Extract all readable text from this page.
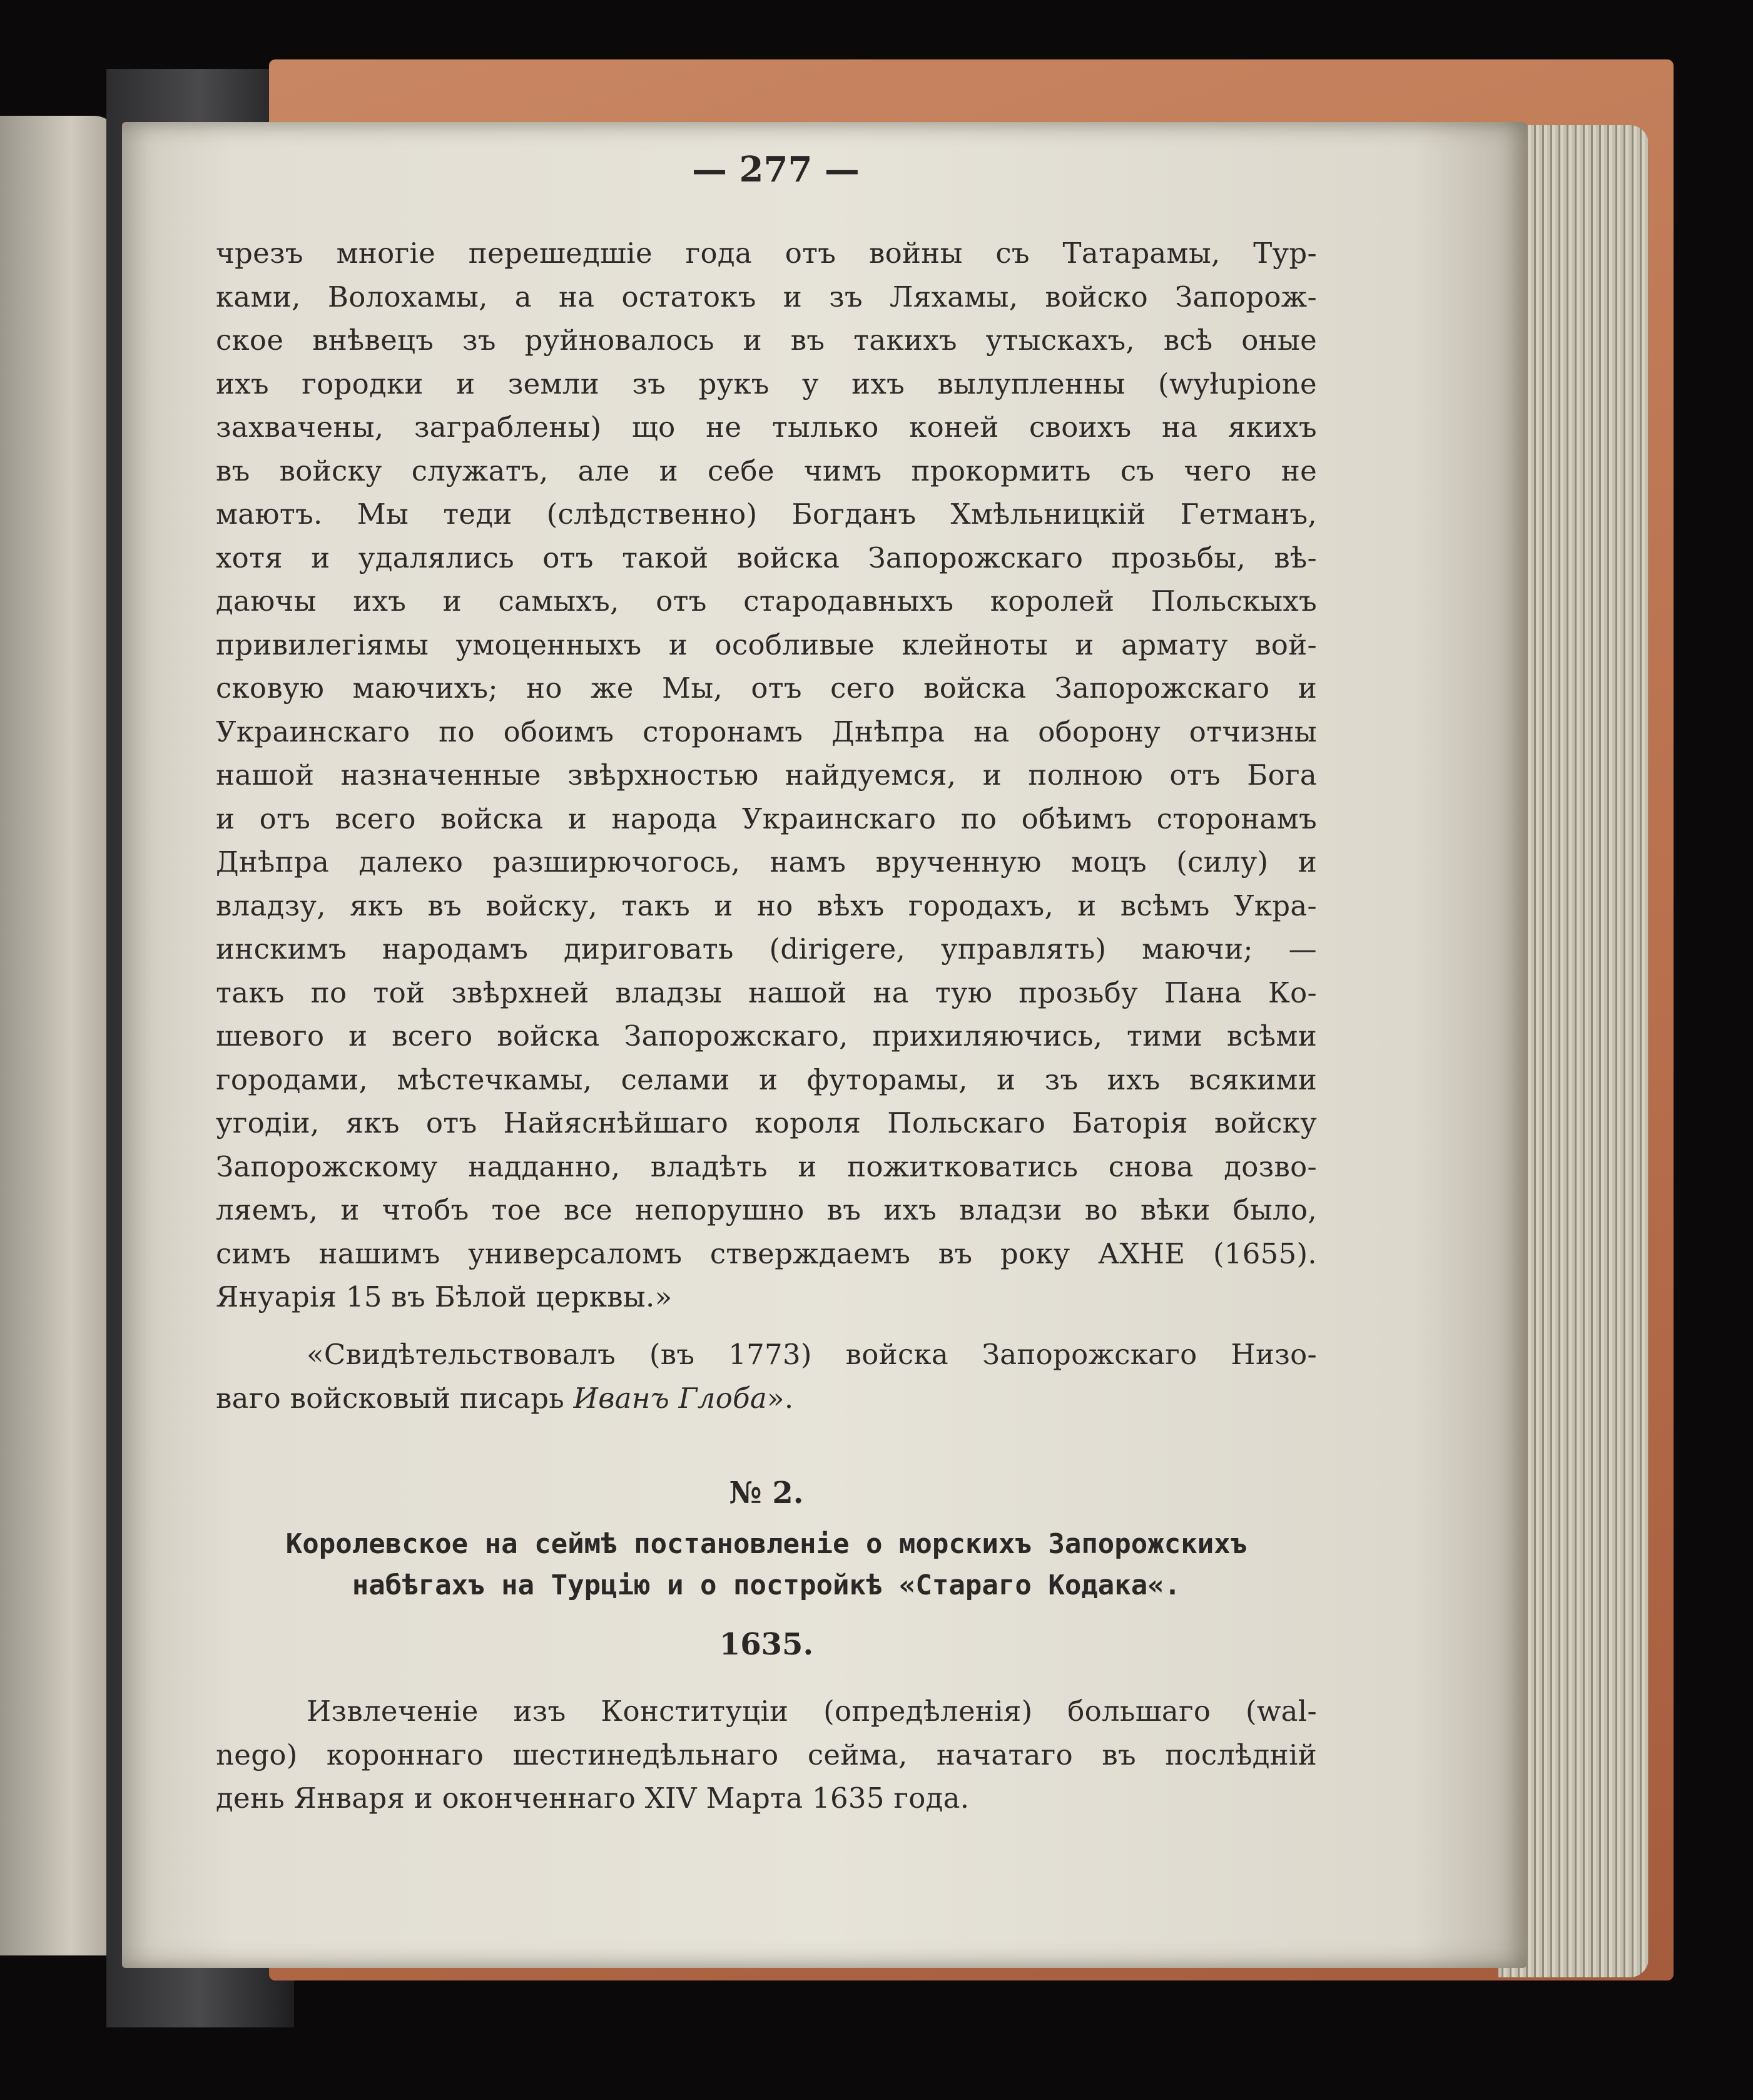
— 277 —
чрезъ многіе перешедшіе года отъ войны съ Татарамы, Тур-
ками, Волохамы, а на остатокъ и зъ Ляхамы, войско Запорож-
ское внѣвецъ зъ руйновалось и въ такихъ утыскахъ, всѣ оные
ихъ городки и земли зъ рукъ у ихъ вылупленны (wyłupione
захвачены, заграблены) що не тылько коней своихъ на якихъ
въ войску служатъ, але и себе чимъ прокормить съ чего не
маютъ. Мы теди (слѣдственно) Богданъ Хмѣльницкій Гетманъ,
хотя и удалялись отъ такой войска Запорожскаго прозьбы, вѣ-
даючы ихъ и самыхъ, отъ стародавныхъ королей Польскыхъ
привилегіямы умоценныхъ и особливые клейноты и армату вой-
сковую маючихъ; но же Мы, отъ сего войска Запорожскаго и
Украинскаго по обоимъ сторонамъ Днѣпра на оборону отчизны
нашой назначенные звѣрхностью найдуемся, и полною отъ Бога
и отъ всего войска и народа Украинскаго по обѣимъ сторонамъ
Днѣпра далеко разширючогось, намъ врученную моцъ (силу) и
владзу, якъ въ войску, такъ и но вѣхъ городахъ, и всѣмъ Укра-
инскимъ народамъ дириговать (dirigere, управлять) маючи; —
такъ по той звѣрхней владзы нашой на тую прозьбу Пана Ко-
шевого и всего войска Запорожскаго, прихиляючись, тими всѣми
городами, мѣстечкамы, селами и футорамы, и зъ ихъ всякими
угодіи, якъ отъ Найяснѣйшаго короля Польскаго Баторія войску
Запорожскому надданно, владѣть и пожитковатись снова дозво-
ляемъ, и чтобъ тое все непорушно въ ихъ владзи во вѣки было,
симъ нашимъ универсаломъ стверждаемъ въ року АХНЕ (1655).
Януарія 15 въ Бѣлой церквы.»
«Свидѣтельствовалъ (въ 1773) войска Запорожскаго Низо-
ваго войсковый писарь Иванъ Глоба».
№ 2.
Королевское на сеймѣ постановленіе о морскихъ Запорожскихъ
набѣгахъ на Турцію и о постройкѣ «Стараго Кодака«.
1635.
Извлеченіе изъ Конституціи (опредѣленія) большаго (wal-
nego) короннаго шестинедѣльнаго сейма, начатаго въ послѣдній
день Января и оконченнаго XIV Марта 1635 года.
